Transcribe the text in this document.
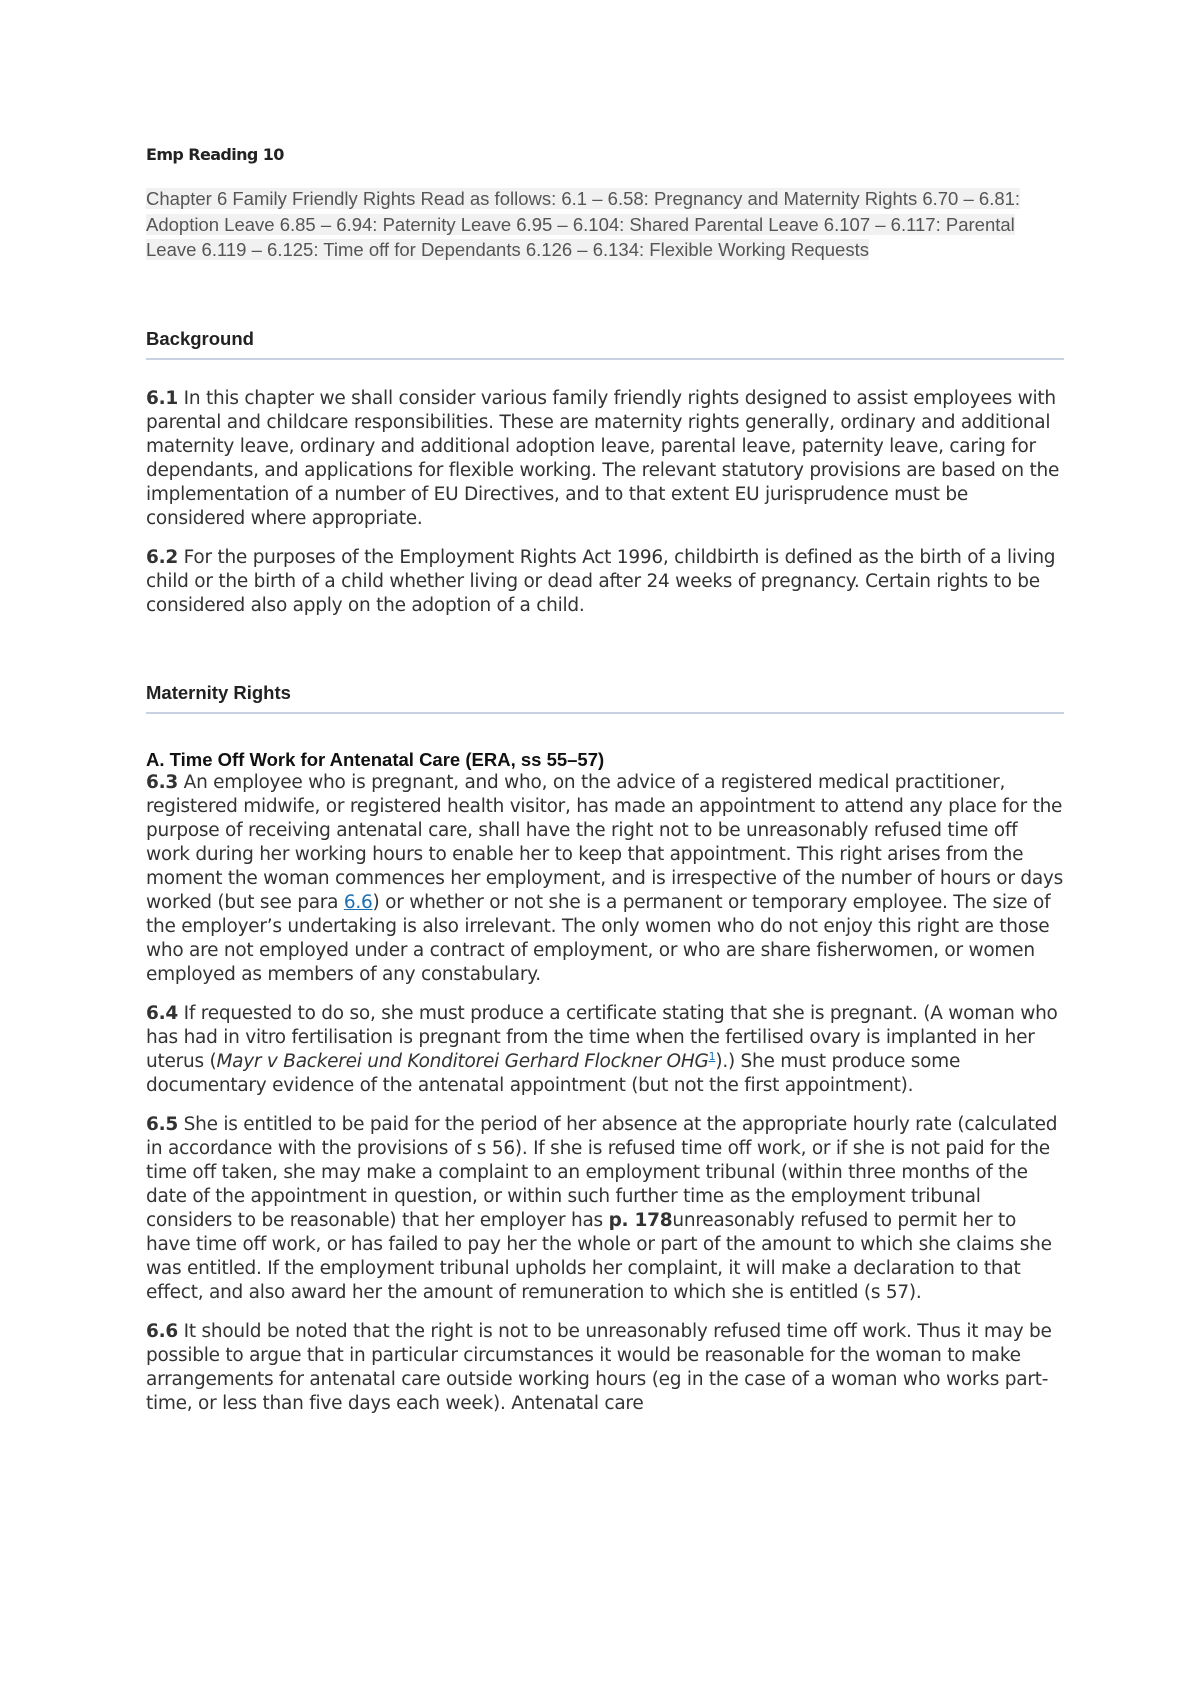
Emp Reading 10

Chapter 6 Family Friendly Rights Read as follows: 6.1 – 6.58: Pregnancy and Maternity Rights 6.70 – 6.81: Adoption Leave 6.85 – 6.94: Paternity Leave 6.95 – 6.104: Shared Parental Leave 6.107 – 6.117: Parental Leave 6.119 – 6.125: Time off for Dependants 6.126 – 6.134: Flexible Working Requests

Background

6.1 In this chapter we shall consider various family friendly rights designed to assist employees with parental and childcare responsibilities. These are maternity rights generally, ordinary and additional maternity leave, ordinary and additional adoption leave, parental leave, paternity leave, caring for dependants, and applications for flexible working. The relevant statutory provisions are based on the implementation of a number of EU Directives, and to that extent EU jurisprudence must be considered where appropriate.

6.2 For the purposes of the Employment Rights Act 1996, childbirth is defined as the birth of a living child or the birth of a child whether living or dead after 24 weeks of pregnancy. Certain rights to be considered also apply on the adoption of a child.

Maternity Rights
A. Time Off Work for Antenatal Care (ERA, ss 55–57)

6.3 An employee who is pregnant, and who, on the advice of a registered medical practitioner, registered midwife, or registered health visitor, has made an appointment to attend any place for the purpose of receiving antenatal care, shall have the right not to be unreasonably refused time off work during her working hours to enable her to keep that appointment. This right arises from the moment the woman commences her employment, and is irrespective of the number of hours or days worked (but see para 6.6) or whether or not she is a permanent or temporary employee. The size of the employer’s undertaking is also irrelevant. The only women who do not enjoy this right are those who are not employed under a contract of employment, or who are share fisherwomen, or women employed as members of any constabulary.

6.4 If requested to do so, she must produce a certificate stating that she is pregnant. (A woman who has had in vitro fertilisation is pregnant from the time when the fertilised ovary is implanted in her uterus (Mayr v Backerei und Konditorei Gerhard Flockner OHG$^1$).) She must produce some documentary evidence of the antenatal appointment (but not the first appointment).

6.5 She is entitled to be paid for the period of her absence at the appropriate hourly rate (calculated in accordance with the provisions of s 56). If she is refused time off work, or if she is not paid for the time off taken, she may make a complaint to an employment tribunal (within three months of the date of the appointment in question, or within such further time as the employment tribunal considers to be reasonable) that her employer has p. 178unreasonably refused to permit her to have time off work, or has failed to pay her the whole or part of the amount to which she claims she was entitled. If the employment tribunal upholds her complaint, it will make a declaration to that effect, and also award her the amount of remuneration to which she is entitled (s 57).

6.6 It should be noted that the right is not to be unreasonably refused time off work. Thus it may be possible to argue that in particular circumstances it would be reasonable for the woman to make arrangements for antenatal care outside working hours (eg in the case of a woman who works part-time, or less than five days each week). Antenatal care
